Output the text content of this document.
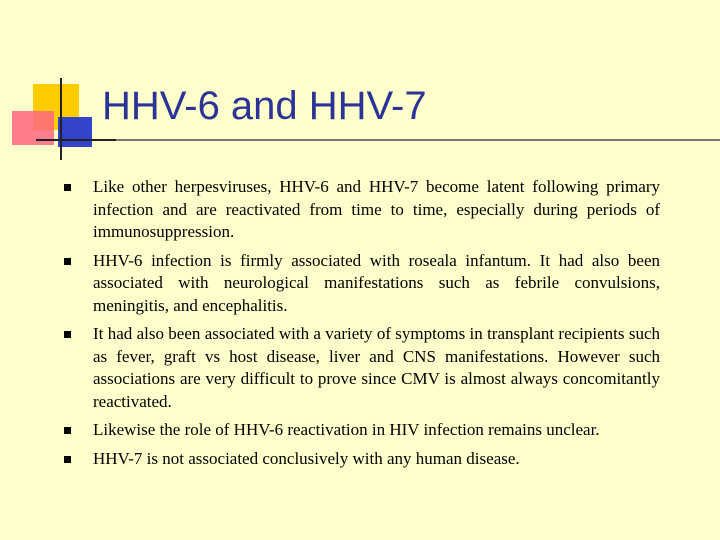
HHV-6 and HHV-7
Like other herpesviruses, HHV-6 and HHV-7 become latent following primary infection and are reactivated from time to time, especially during periods of immunosuppression.
HHV-6 infection is firmly associated with roseala infantum. It had also been associated with neurological manifestations such as febrile convulsions, meningitis, and encephalitis.
It had also been associated with a variety of symptoms in transplant recipients such as fever, graft vs host disease, liver and CNS manifestations. However such associations are very difficult to prove since CMV is almost always concomitantly reactivated.
Likewise the role of HHV-6 reactivation in HIV infection remains unclear.
HHV-7 is not associated conclusively with any human disease.
